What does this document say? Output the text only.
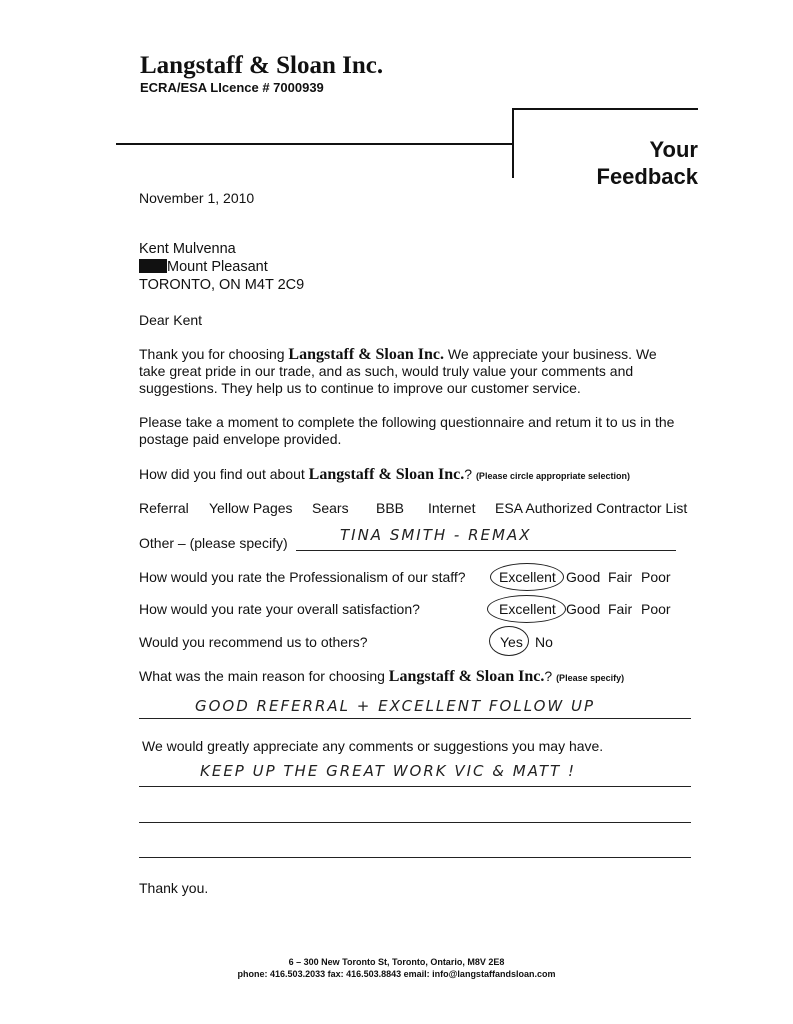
Langstaff & Sloan Inc.
ECRA/ESA LIcence # 7000939
Your
Feedback
November 1, 2010
Kent Mulvenna
Mount Pleasant
TORONTO, ON M4T 2C9
Dear Kent
Thank you for choosing Langstaff & Sloan Inc. We appreciate your business. We
take great pride in our trade, and as such, would truly value your comments and
suggestions. They help us to continue to improve our customer service.
Please take a moment to complete the following questionnaire and retum it to us in the
postage paid envelope provided.
How did you find out about Langstaff & Sloan Inc.? (Please circle appropriate selection)
Referral Yellow Pages Sears BBB Internet ESA Authorized Contractor List
Other – (please specify)	TINA SMITH - REMAX
How would you rate the Professionalism of our staff? Excellent Good Fair Poor
How would you rate your overall satisfaction?	Excellent Good Fair Poor
Would you recommend us to others?	Yes No
What was the main reason for choosing Langstaff & Sloan Inc.? (Please specify)
GOOD REFERRAL + EXCELLENT FOLLOW UP
We would greatly appreciate any comments or suggestions you may have.
KEEP UP THE GREAT WORK VIC & MATT !
Thank you.
6 – 300 New Toronto St, Toronto, Ontario, M8V 2E8
phone: 416.503.2033 fax: 416.503.8843 email: info@langstaffandsloan.com
